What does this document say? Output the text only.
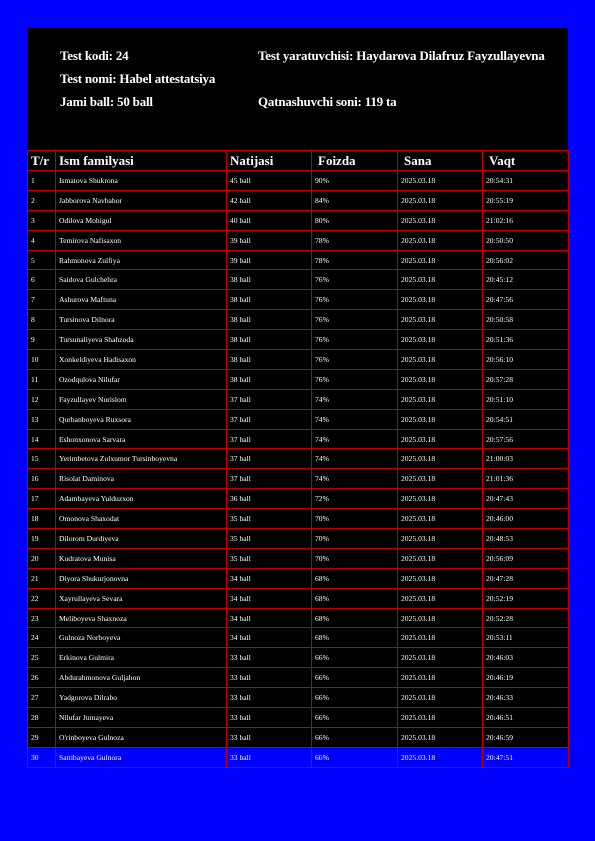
Test kodi: 24	Test yaratuvchisi: Haydarova Dilafruz Fayzullayevna
Test nomi: Habel attestatsiya
Jami ball: 50 ball	Qatnashuvchi soni: 119 ta
T/r	Ism familyasi	Natijasi	Foizda	Sana	Vaqt
1	Ismatova Shukrona	45 ball	90%	2025.03.18	20:54:31
2	Jabborova Navbahor	42 ball	84%	2025.03.18	20:55:19
3	Odilova Mohigul	40 ball	80%	2025.03.18	21:02:16
4	Temirova Nafisaxon	39 ball	78%	2025.03.18	20:50:50
5	Rahmonova Zulfiya	39 ball	78%	2025.03.18	20:56:02
6	Saidova Gulchehra	38 ball	76%	2025.03.18	20:45:12
7	Ashurova Maftuna	38 ball	76%	2025.03.18	20:47:56
8	Tursinova Dilnora	38 ball	76%	2025.03.18	20:50:58
9	Tursunaliyeva Shahzoda	38 ball	76%	2025.03.18	20:51:36
10	Xonkeldiyeva Hadisaxon	38 ball	76%	2025.03.18	20:56:10
11	Ozodqulova Nilufar	38 ball	76%	2025.03.18	20:57:28
12	Fayzullayev Nurislom	37 ball	74%	2025.03.18	20:51:10
13	Qurbanboyeva Ruxsora	37 ball	74%	2025.03.18	20:54:51
14	Eshonxonova Sarvara	37 ball	74%	2025.03.18	20:57:56
15	Yerimbetova Zulxumor Tursinboyevna	37 ball	74%	2025.03.18	21:00:03
16	Risolat Daminova	37 ball	74%	2025.03.18	21:01:36
17	Adambayeva Yulduzxon	36 ball	72%	2025.03.18	20:47:43
18	Omonova Shaxodat	35 ball	70%	2025.03.18	20:46:00
19	Dilorom Durdiyeva	35 ball	70%	2025.03.18	20:48:53
20	Kudratova Munisa	35 ball	70%	2025.03.18	20:56:09
21	Diyora Shukurjonovna	34 ball	68%	2025.03.18	20:47:28
22	Xayrullayeva Sevara	34 ball	68%	2025.03.18	20:52:19
23	Meliboyeva Shaxnoza	34 ball	68%	2025.03.18	20:52:28
24	Gulnoza Norboyeva	34 ball	68%	2025.03.18	20:53:11
25	Erkinova Gulmira	33 ball	66%	2025.03.18	20:46:03
26	Abdurahmonova Guljahon	33 ball	66%	2025.03.18	20:46:19
27	Yadgorova Dilrabo	33 ball	66%	2025.03.18	20:46:33
28	Nilufar Jumayeva	33 ball	66%	2025.03.18	20:46:51
29	O'rinboyeva Gulnoza	33 ball	66%	2025.03.18	20:46:59
30	Sattibayeva Gulnora	33 ball	66%	2025.03.18	20:47:51
